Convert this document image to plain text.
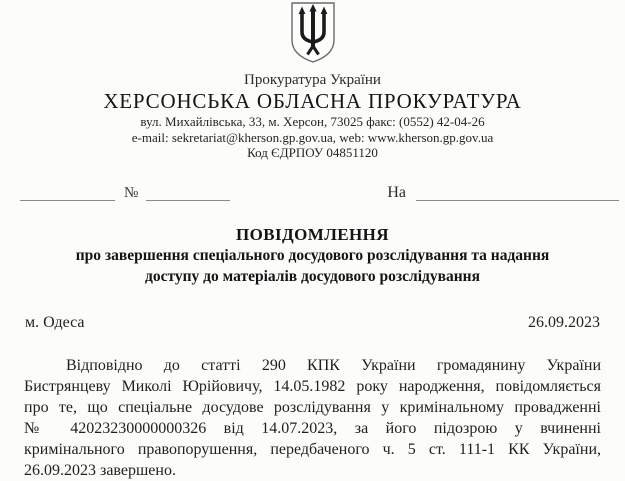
Прокуратура України
ХЕРСОНСЬКА ОБЛАСНА ПРОКУРАТУРА
вул. Михайлівська, 33, м. Херсон, 73025 факс: (0552) 42-04-26
e-mail: sekretariat@kherson.gp.gov.ua, web: www.kherson.gp.gov.ua
Код ЄДРПОУ 04851120
№	На
ПОВІДОМЛЕННЯ
про завершення спеціального досудового розслідування та надання
доступу до матеріалів досудового розслідування
м. Одеса	26.09.2023
Відповідно до статті 290 КПК України громадянину України
Бистрянцеву Миколі Юрійовичу, 14.05.1982 року народження, повідомляється
про те, що спеціальне досудове розслідування у кримінальному провадженні
№ 42023230000000326 від 14.07.2023, за його підозрою у вчиненні
кримінального правопорушення, передбаченого ч. 5 ст. 111-1 КК України,
26.09.2023 завершено.
